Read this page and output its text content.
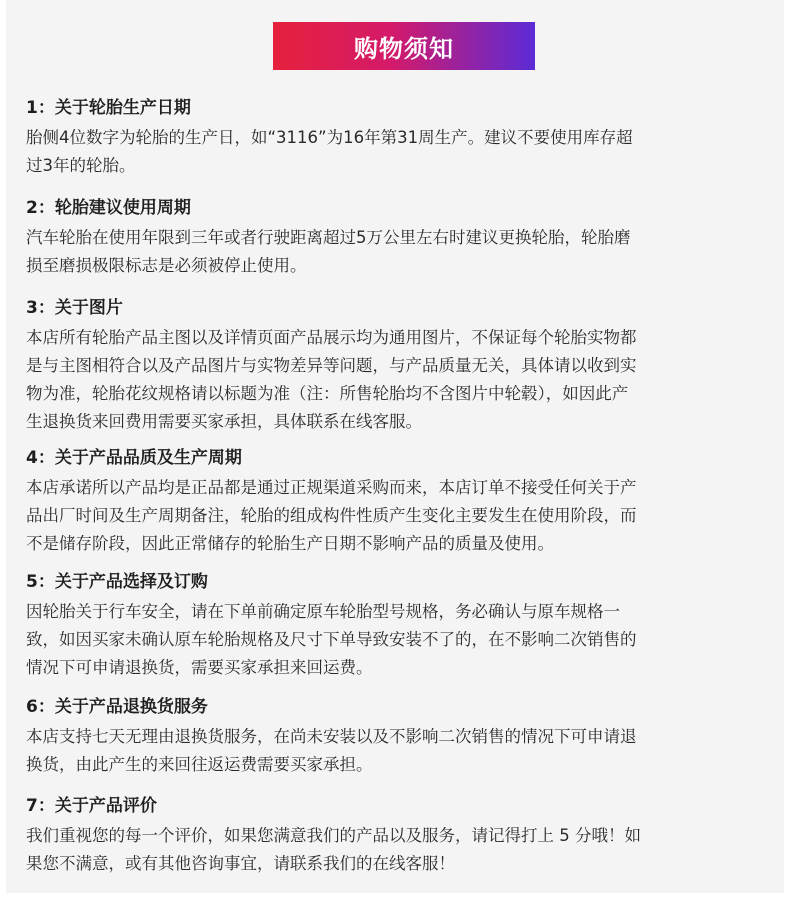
购物须知

1：关于轮胎生产日期

胎侧4位数字为轮胎的生产日，如“3116”为16年第31周生产。建议不要使用库存超
过3年的轮胎。

2：轮胎建议使用周期

汽车轮胎在使用年限到三年或者行驶距离超过5万公里左右时建议更换轮胎，轮胎磨
损至磨损极限标志是必须被停止使用。

3：关于图片

本店所有轮胎产品主图以及详情页面产品展示均为通用图片，不保证每个轮胎实物都
是与主图相符合以及产品图片与实物差异等问题，与产品质量无关，具体请以收到实
物为准，轮胎花纹规格请以标题为准（注：所售轮胎均不含图片中轮毂），如因此产
生退换货来回费用需要买家承担，具体联系在线客服。

4：关于产品品质及生产周期

本店承诺所以产品均是正品都是通过正规渠道采购而来，本店订单不接受任何关于产
品出厂时间及生产周期备注，轮胎的组成构件性质产生变化主要发生在使用阶段，而
不是储存阶段，因此正常储存的轮胎生产日期不影响产品的质量及使用。

5：关于产品选择及订购

因轮胎关于行车安全，请在下单前确定原车轮胎型号规格，务必确认与原车规格一
致，如因买家未确认原车轮胎规格及尺寸下单导致安装不了的，在不影响二次销售的
情况下可申请退换货，需要买家承担来回运费。

6：关于产品退换货服务

本店支持七天无理由退换货服务，在尚未安装以及不影响二次销售的情况下可申请退
换货，由此产生的来回往返运费需要买家承担。

7：关于产品评价

我们重视您的每一个评价，如果您满意我们的产品以及服务，请记得打上 5 分哦！如
果您不满意，或有其他咨询事宜，请联系我们的在线客服！
